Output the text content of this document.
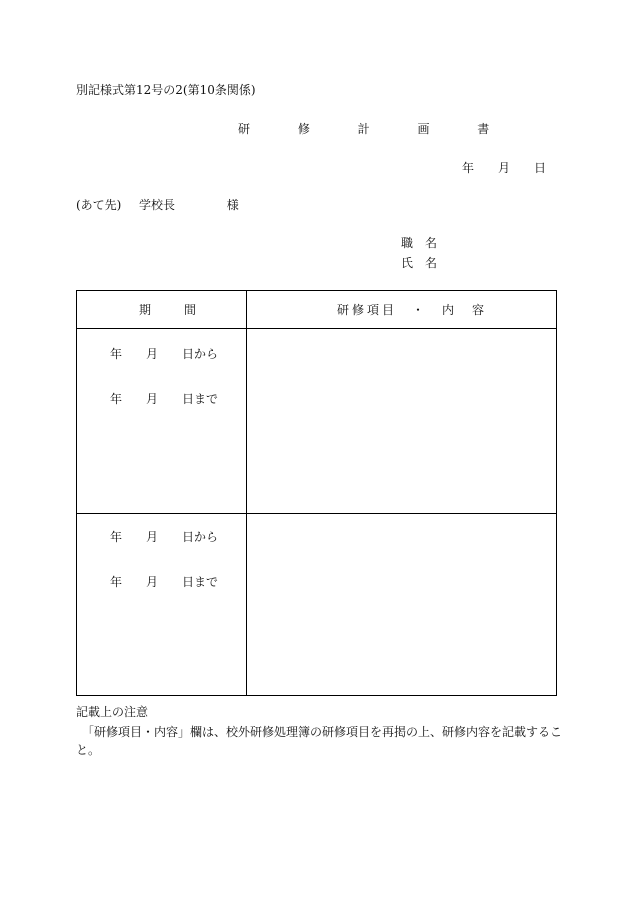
別記様式第12号の2(第10条関係)
研 修 計 画 書
年　　月　　日
(あて先) 学校長	様
職　名
氏　名
期　　間	研修項目　・　内　容
年　　月　　日から
年　　月　　日まで
年　　月　　日から
年　　月　　日まで
記載上の注意
「研修項目・内容」欄は、校外研修処理簿の研修項目を再掲の上、研修内容を記載するこ
と。
